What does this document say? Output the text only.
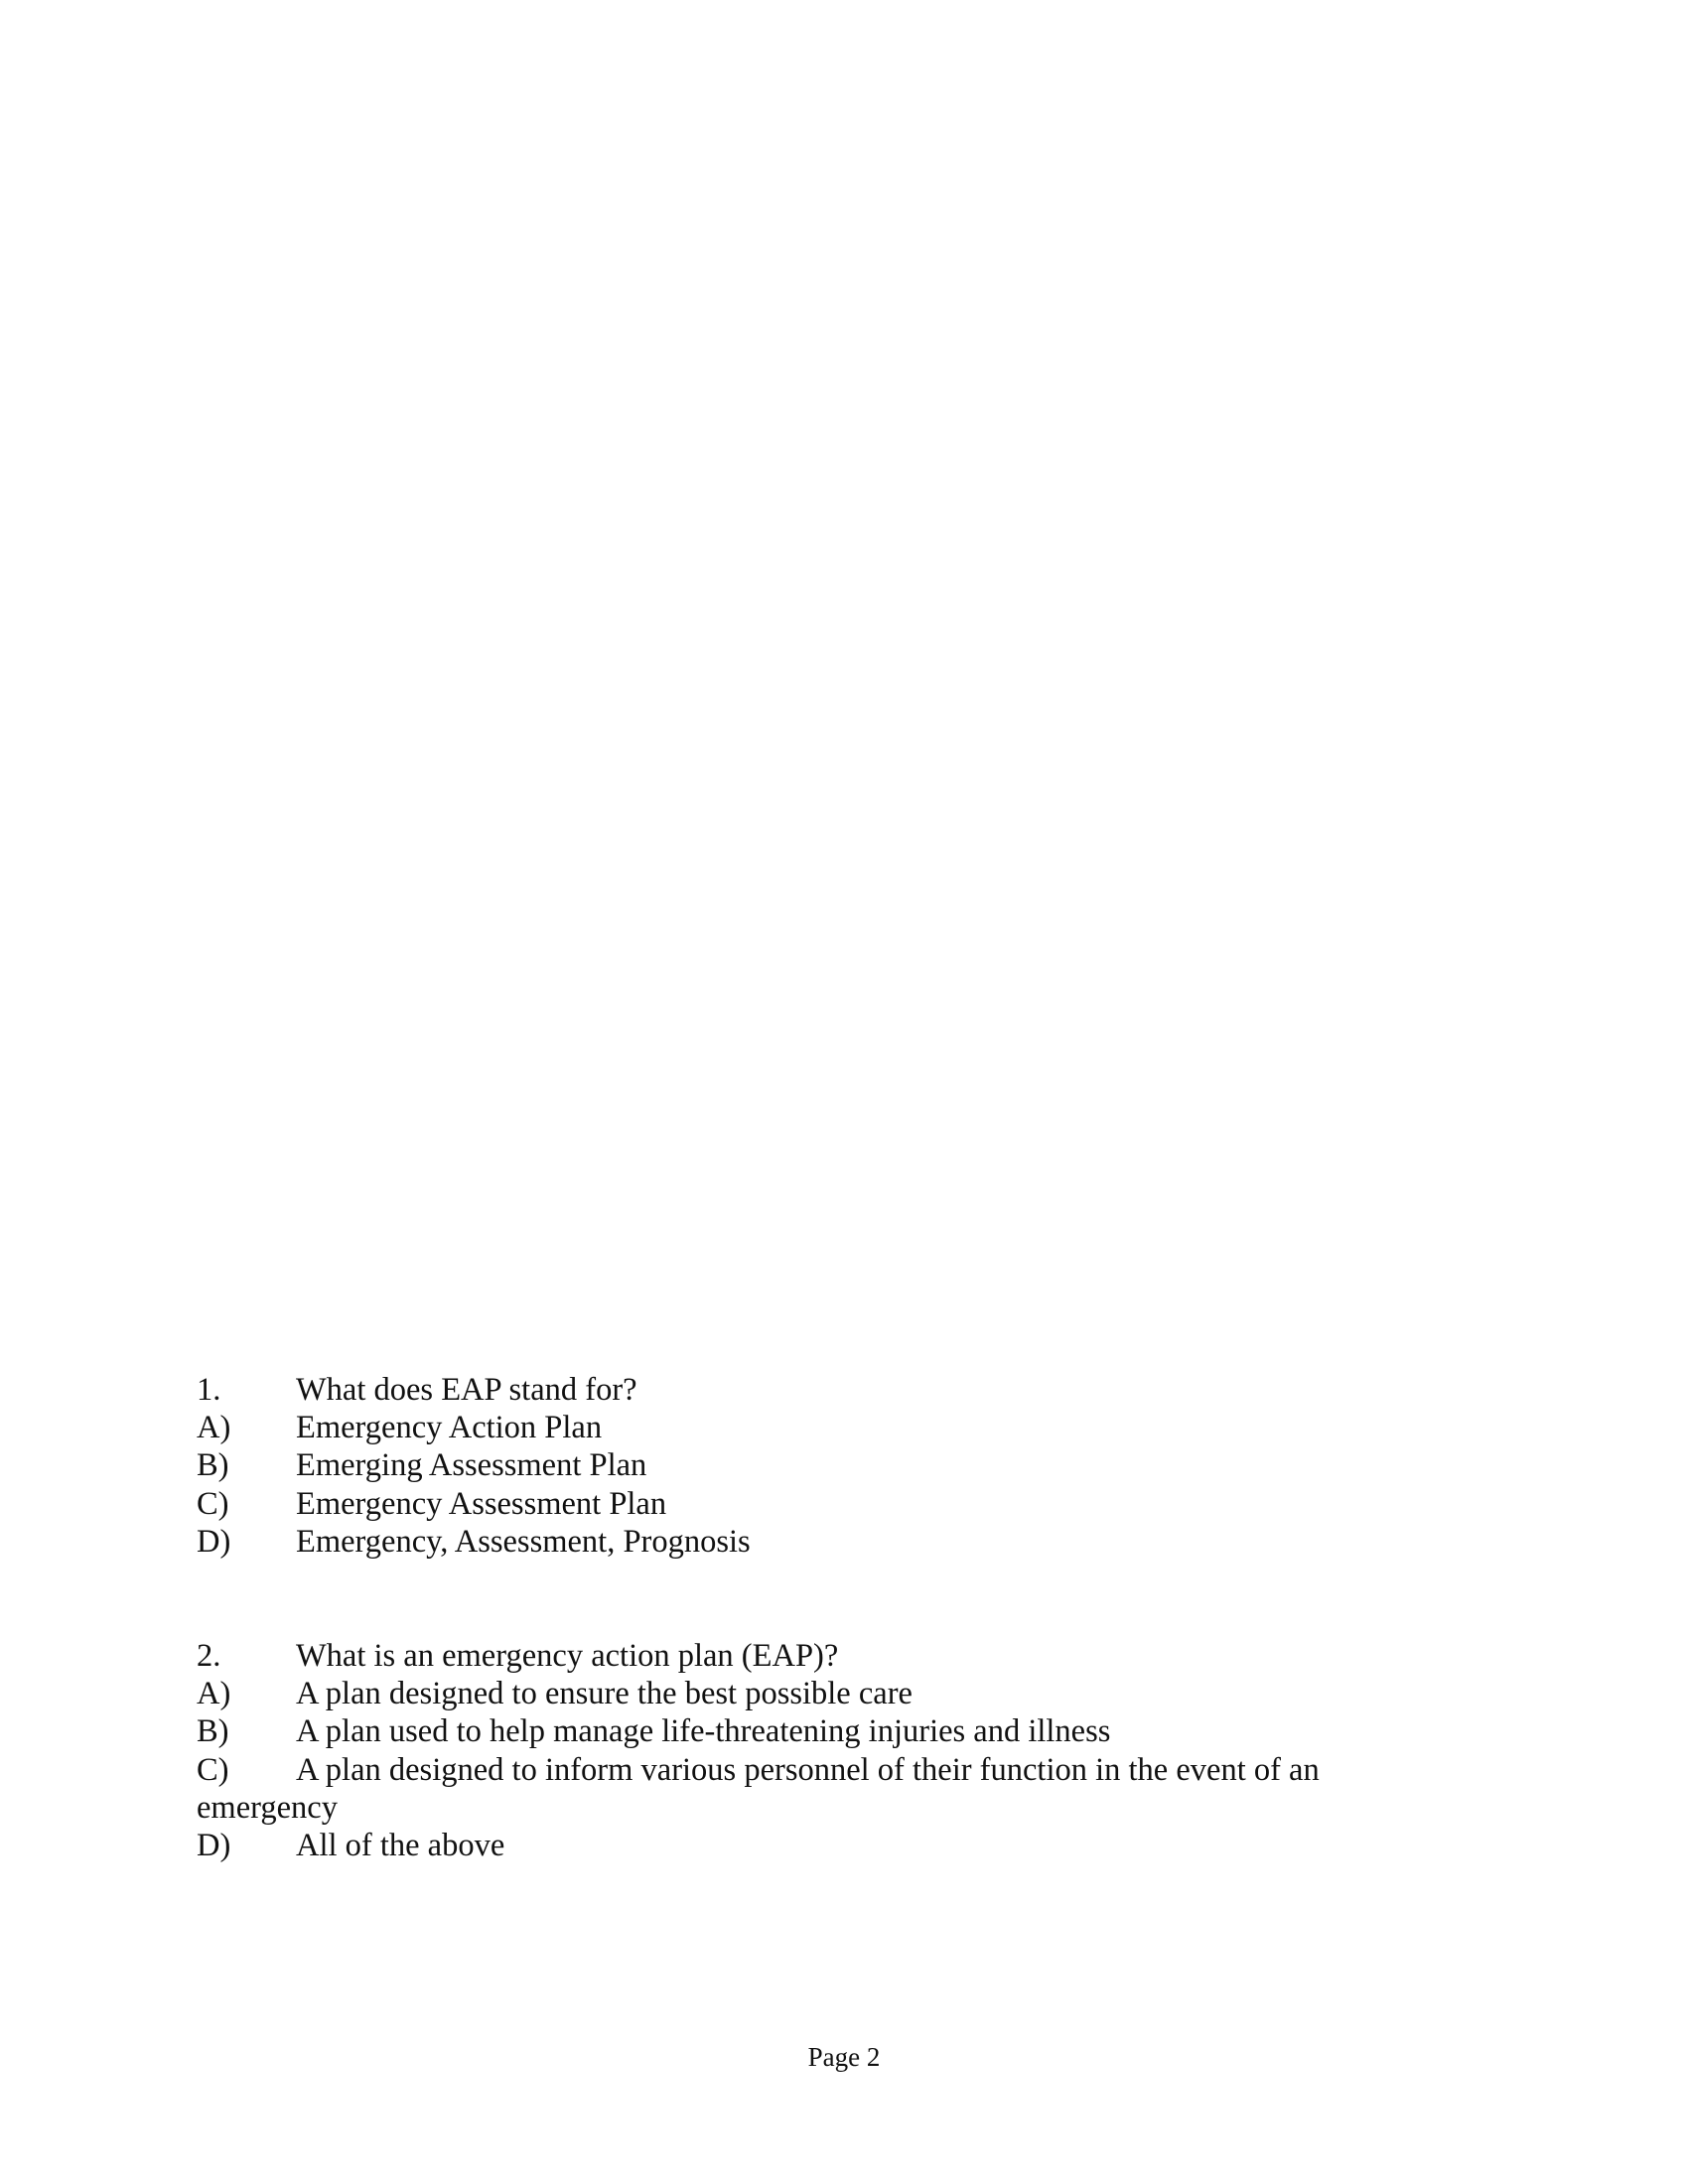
1. What does EAP stand for?
A) Emergency Action Plan
B) Emerging Assessment Plan
C) Emergency Assessment Plan
D) Emergency, Assessment, Prognosis
2. What is an emergency action plan (EAP)?
A) A plan designed to ensure the best possible care
B) A plan used to help manage life-threatening injuries and illness
C) A plan designed to inform various personnel of their function in the event of an
emergency
D) All of the above
Page 2
